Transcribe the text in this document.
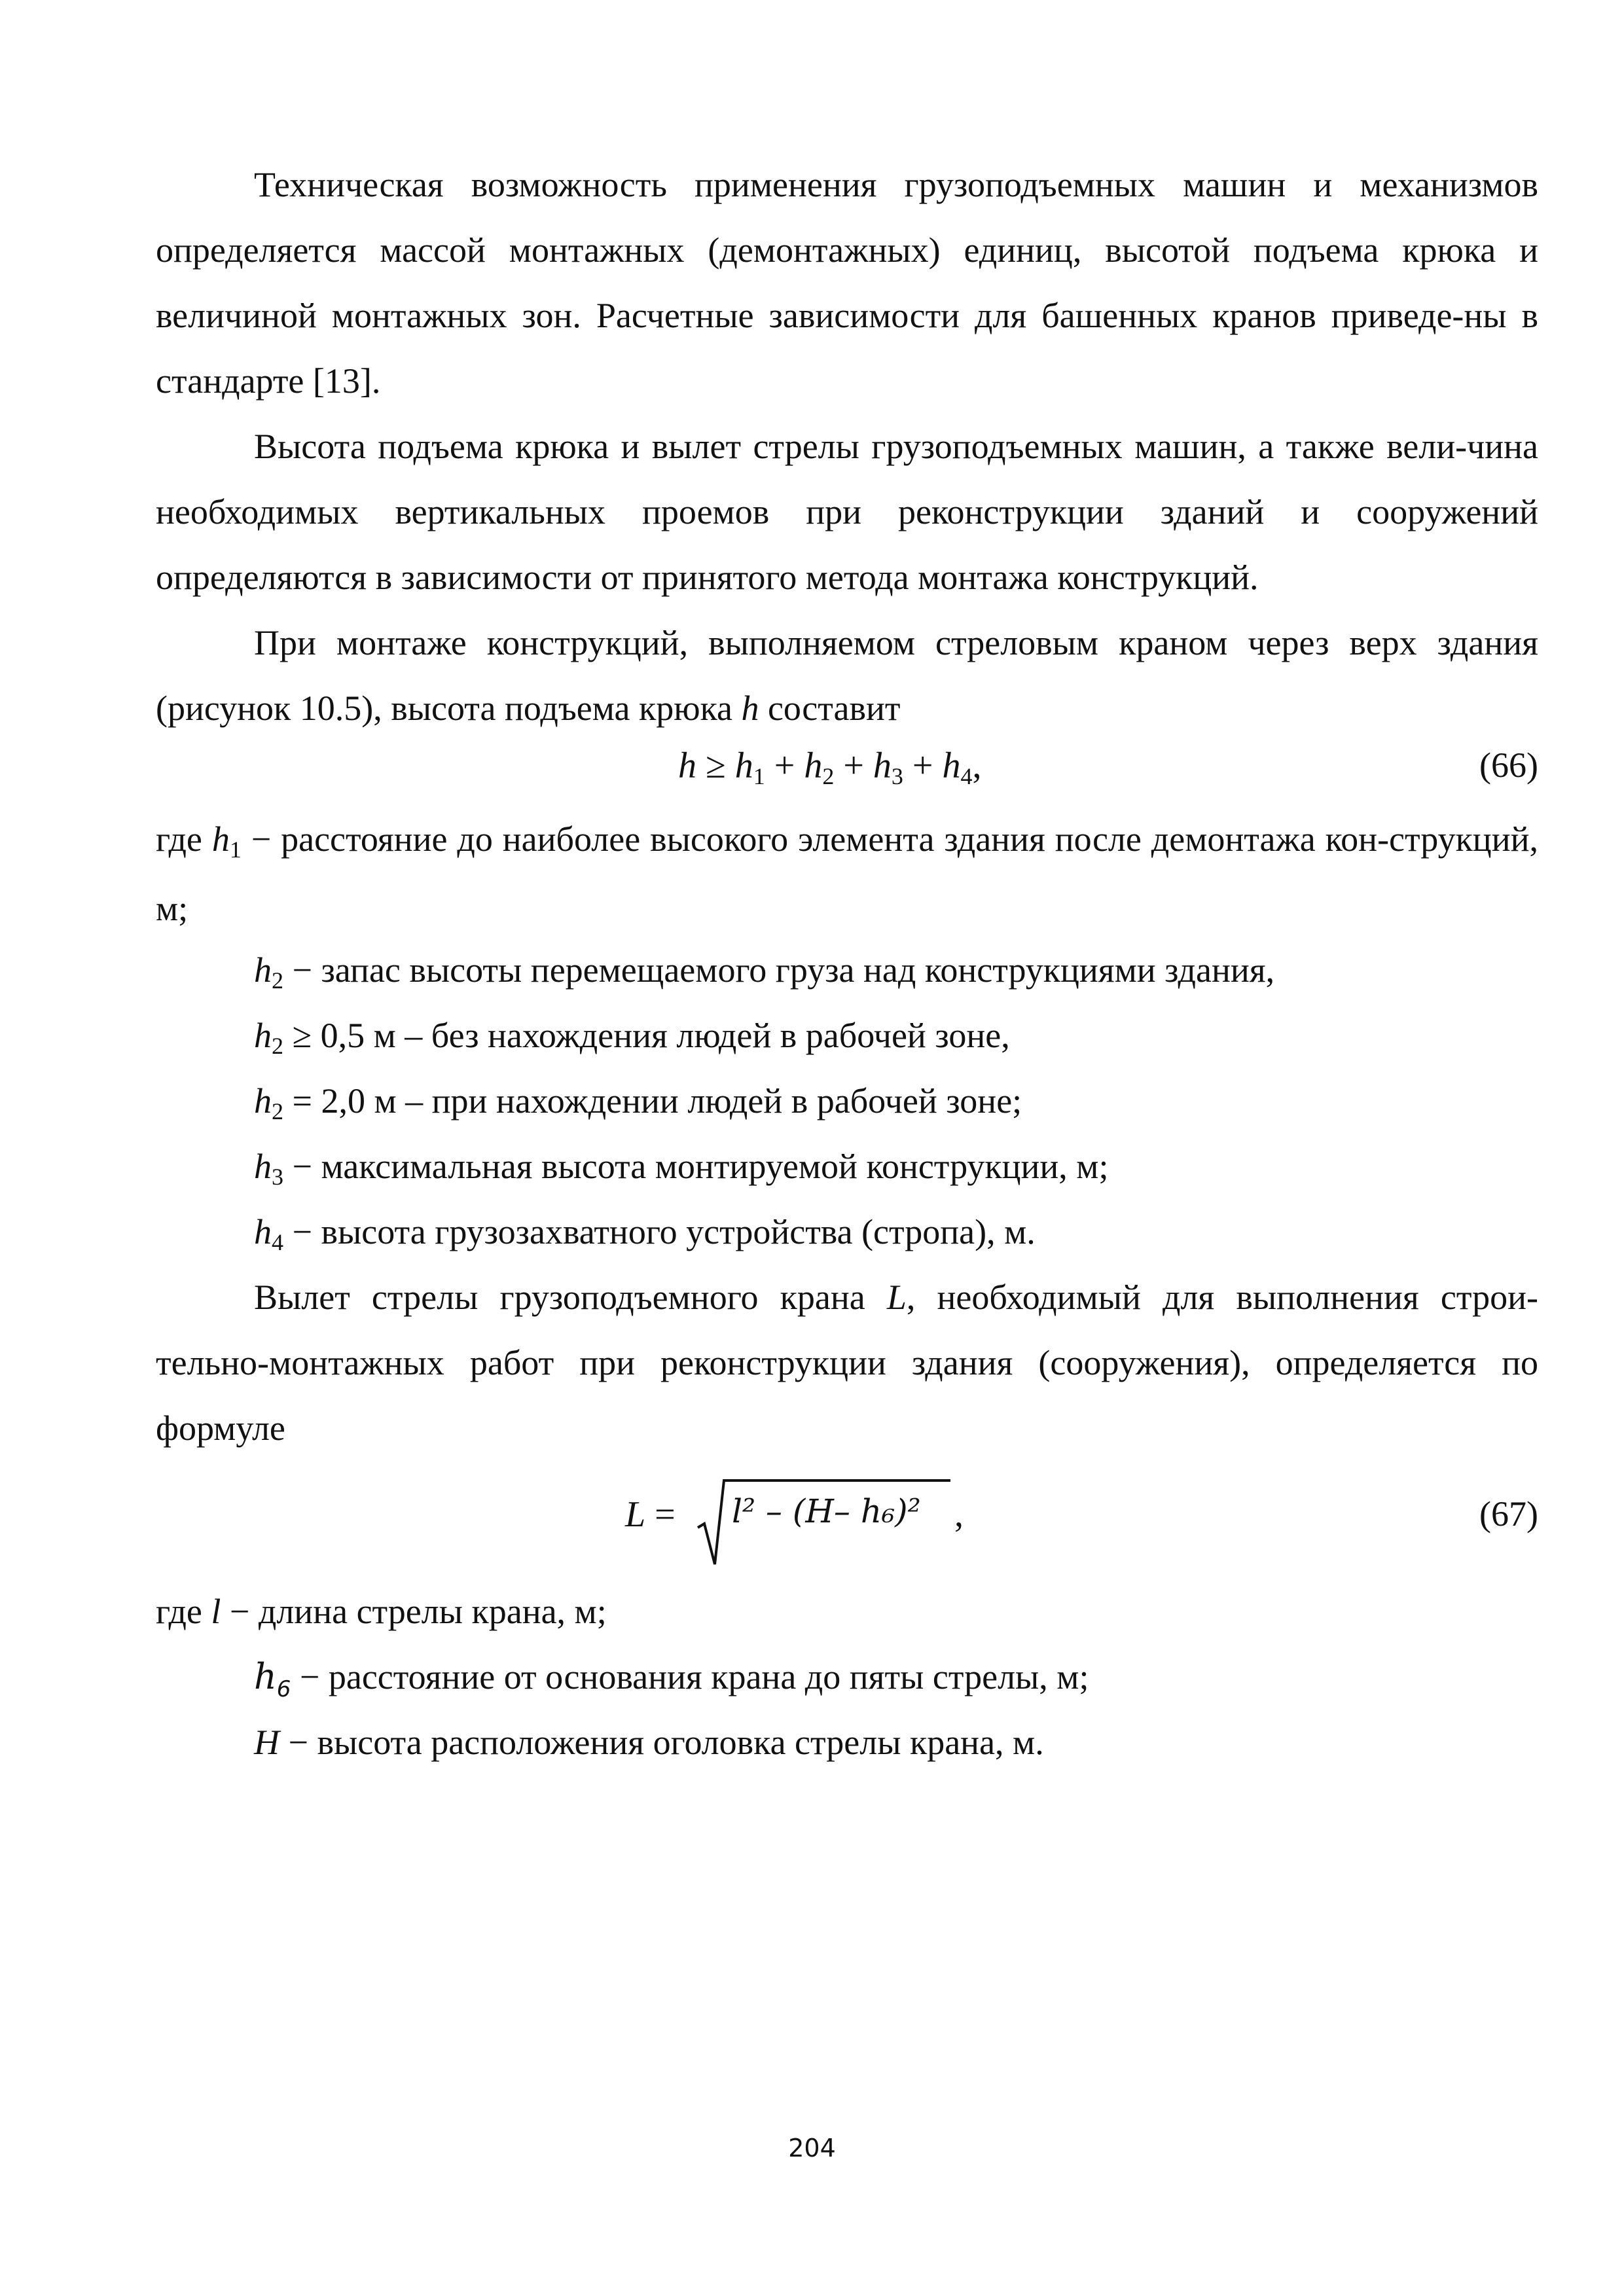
Техническая возможность применения грузоподъемных машин и механизмов определяется массой монтажных (демонтажных) единиц, высотой подъема крюка и величиной монтажных зон. Расчетные зависимости для башенных кранов приведе-ны в стандарте [13].

Высота подъема крюка и вылет стрелы грузоподъемных машин, а также вели-чина необходимых вертикальных проемов при реконструкции зданий и сооружений определяются в зависимости от принятого метода монтажа конструкций.

При монтаже конструкций, выполняемом стреловым краном через верх здания (рисунок 10.5), высота подъема крюка h составит

h ≥ h1 + h2 + h3 + h4,	(66)

где h1 − расстояние до наиболее высокого элемента здания после демонтажа кон-струкций, м;

h2 − запас высоты перемещаемого груза над конструкциями здания,
h2 ≥ 0,5 м – без нахождения людей в рабочей зоне,
h2 = 2,0 м – при нахождении людей в рабочей зоне;
h3 − максимальная высота монтируемой конструкции, м;
h4 − высота грузозахватного устройства (стропа), м.

Вылет стрелы грузоподъемного крана L, необходимый для выполнения строи-тельно-монтажных работ при реконструкции здания (сооружения), определяется по формуле

L = l² – (H– h₆)² ,	(67)
где l − длина стрелы крана, м;
$h_6$ − расстояние от основания крана до пяты стрелы, м;
H − высота расположения оголовка стрелы крана, м.
204
